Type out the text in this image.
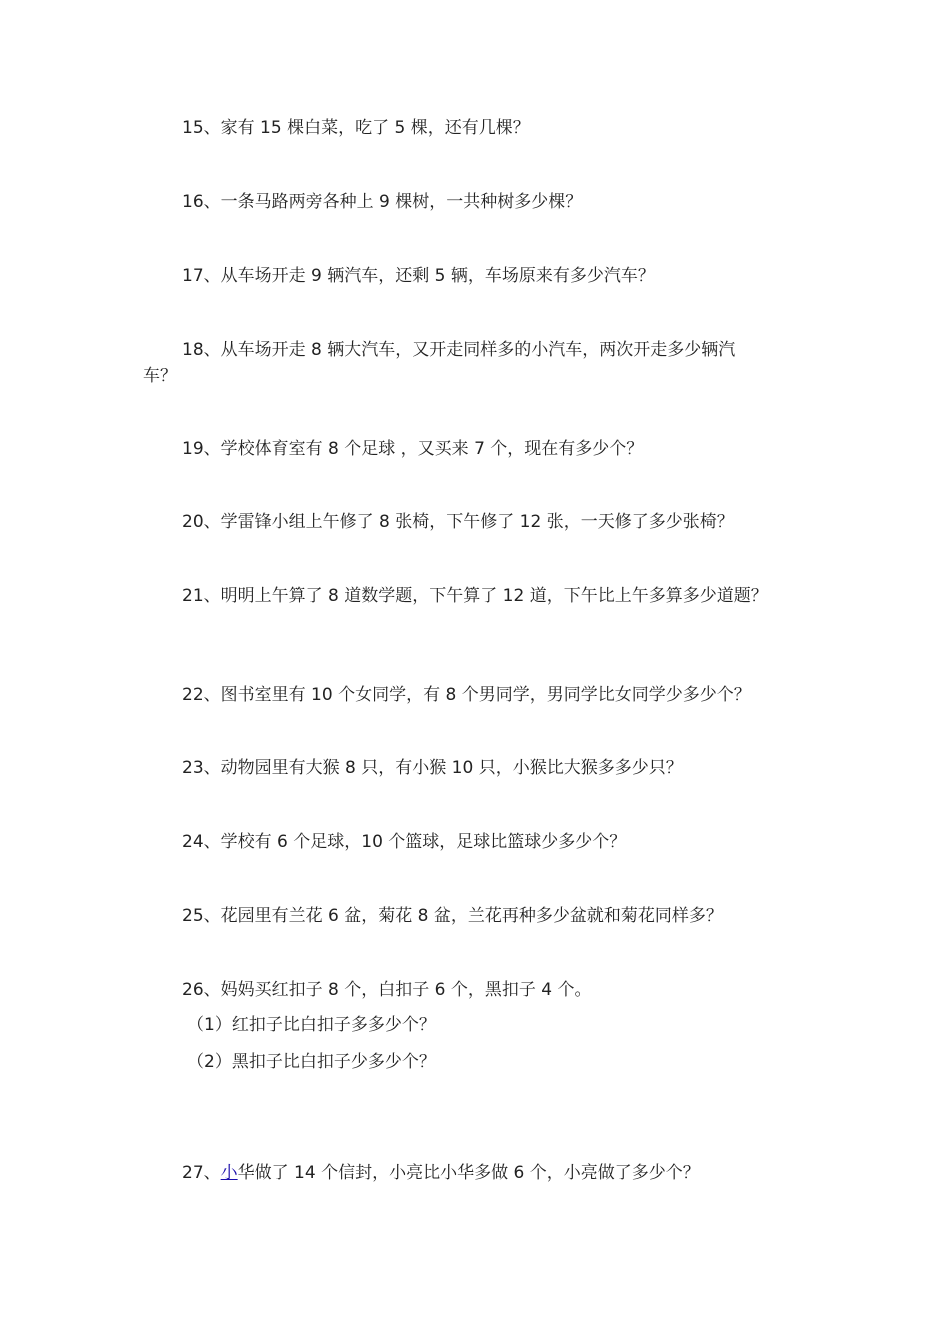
15、家有 15 棵白菜，吃了 5 棵，还有几棵？
16、一条马路两旁各种上 9 棵树，一共种树多少棵？
17、从车场开走 9 辆汽车，还剩 5 辆，车场原来有多少汽车？
18、从车场开走 8 辆大汽车，又开走同样多的小汽车，两次开走多少辆汽
车？
19、学校体育室有 8 个足球 ，又买来 7 个，现在有多少个？
20、学雷锋小组上午修了 8 张椅，下午修了 12 张，一天修了多少张椅？
21、明明上午算了 8 道数学题，下午算了 12 道，下午比上午多算多少道题？
22、图书室里有 10 个女同学，有 8 个男同学，男同学比女同学少多少个？
23、动物园里有大猴 8 只，有小猴 10 只，小猴比大猴多多少只？
24、学校有 6 个足球，10 个篮球，足球比篮球少多少个？
25、花园里有兰花 6 盆，菊花 8 盆，兰花再种多少盆就和菊花同样多？
26、妈妈买红扣子 8 个，白扣子 6 个，黑扣子 4 个。
（1）红扣子比白扣子多多少个？
（2）黑扣子比白扣子少多少个？
27、小华做了 14 个信封，小亮比小华多做 6 个，小亮做了多少个？
